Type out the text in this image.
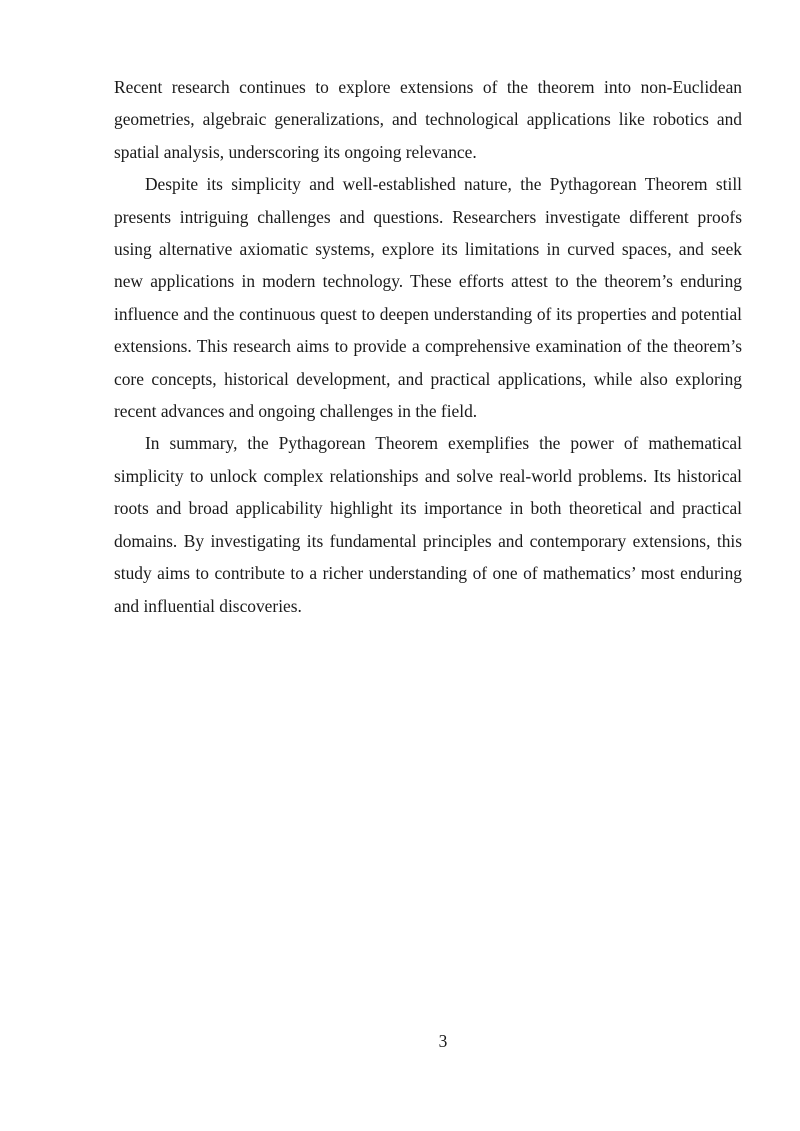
Recent research continues to explore extensions of the theorem into non-Euclidean geometries, algebraic generalizations, and technological applications like robotics and spatial analysis, underscoring its ongoing relevance.

Despite its simplicity and well-established nature, the Pythagorean Theorem still presents intriguing challenges and questions. Researchers investigate different proofs using alternative axiomatic systems, explore its limitations in curved spaces, and seek new applications in modern technology. These efforts attest to the theorem’s enduring influence and the continuous quest to deepen understanding of its properties and potential extensions. This research aims to provide a comprehensive examination of the theorem’s core concepts, historical development, and practical applications, while also exploring recent advances and ongoing challenges in the field.

In summary, the Pythagorean Theorem exemplifies the power of mathematical simplicity to unlock complex relationships and solve real-world problems. Its historical roots and broad applicability highlight its importance in both theoretical and practical domains. By investigating its fundamental principles and contemporary extensions, this study aims to contribute to a richer understanding of one of mathematics’ most enduring and influential discoveries.

3
